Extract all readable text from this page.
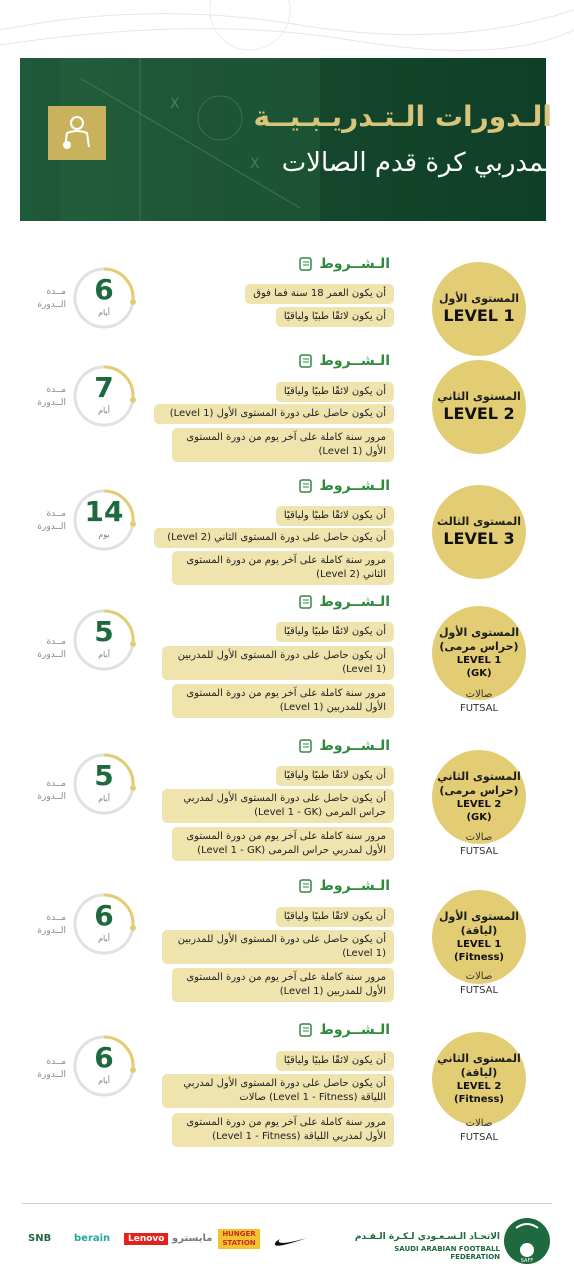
X
X
الـدورات الـتـدريـبـيــة
لمدربي كرة قدم الصالات
الـشــروط
أن يكون العمر 18 سنة فما فوق
أن يكون لائقًا طبيًا ولياقيًا
المستوى الأول
LEVEL 1
6
أيام
مــدة
الــدورة
الـشــروط
أن يكون لائقًا طبيًا ولياقيًا
أن يكون حاصل على دورة المستوى الأول (Level 1)
مرور سنة كاملة على آخر يوم من دورة المستوى الأول (Level 1)
المستوى الثاني
LEVEL 2
7
أيام
مــدة
الــدورة
الـشــروط
أن يكون لائقًا طبيًا ولياقيًا
أن يكون حاصل على دورة المستوى الثاني (Level 2)
مرور سنة كاملة على آخر يوم من دورة المستوى الثاني (Level 2)
المستوى الثالث
LEVEL 3
14
يوم
مــدة
الــدورة
الـشــروط
أن يكون لائقًا طبيًا ولياقيًا
أن يكون حاصل على دورة المستوى الأول للمدربين (Level 1)
مرور سنة كاملة على آخر يوم من دورة المستوى الأول للمدربين (Level 1)
المستوى الأول
(حراس مرمى)
LEVEL 1
(GK)
صالات
FUTSAL
5
أيام
مــدة
الــدورة
الـشــروط
أن يكون لائقًا طبيًا ولياقيًا
أن يكون حاصل على دورة المستوى الأول لمدربي حراس المرمى (Level 1 - GK)
مرور سنة كاملة على آخر يوم من دورة المستوى الأول لمدربي حراس المرمى (Level 1 - GK)
المستوى الثاني
(حراس مرمى)
LEVEL 2
(GK)
صالات
FUTSAL
5
أيام
مــدة
الــدورة
الـشــروط
أن يكون لائقًا طبيًا ولياقيًا
أن يكون حاصل على دورة المستوى الأول للمدربين (Level 1)
مرور سنة كاملة على آخر يوم من دورة المستوى الأول للمدربين (Level 1)
المستوى الأول
(لياقة)
LEVEL 1
(Fitness)
صالات
FUTSAL
6
أيام
مــدة
الــدورة
الـشــروط
أن يكون لائقًا طبيًا ولياقيًا
أن يكون حاصل على دورة المستوى الأول لمدربي اللياقة (Level 1 - Fitness) صالات
مرور سنة كاملة على آخر يوم من دورة المستوى الأول لمدربي اللياقة (Level 1 - Fitness)
المستوى الثاني
(لياقة)
LEVEL 2
(Fitness)
صالات
FUTSAL
6
أيام
مــدة
الــدورة
SNB berain	Lenovo مايسترو	HUNGER STATION
الاتحـاد الـسـعـودي لـكـرة الـقـدم
SAUDI ARABIAN FOOTBALL FEDERATION	SAFF
